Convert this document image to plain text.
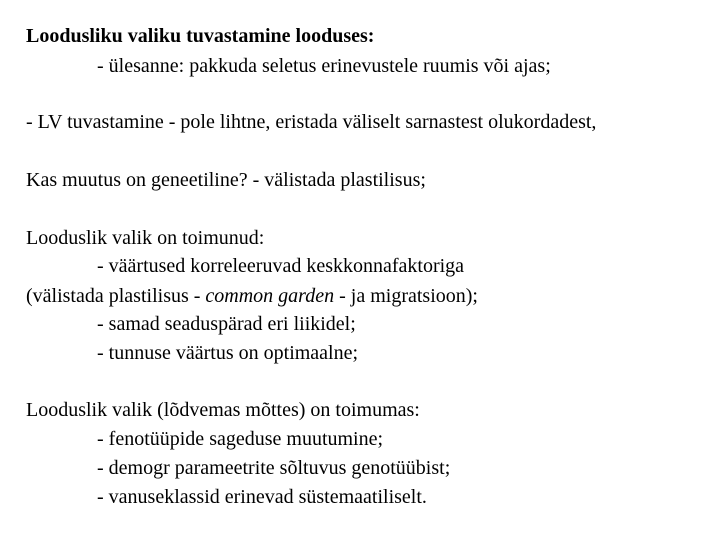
Loodusliku valiku tuvastamine looduses:
- ülesanne: pakkuda seletus erinevustele ruumis või ajas;
- LV tuvastamine - pole lihtne, eristada väliselt sarnastest olukordadest,
Kas muutus on geneetiline? - välistada plastilisus;
Looduslik valik on toimunud:
- väärtused korreleeruvad keskkonnafaktoriga
(välistada plastilisus - common garden - ja migratsioon);
- samad seaduspärad eri liikidel;
- tunnuse väärtus on optimaalne;
Looduslik valik (lõdvemas mõttes) on toimumas:
- fenotüüpide sageduse muutumine;
- demogr parameetrite sõltuvus genotüübist;
- vanuseklassid erinevad süstemaatiliselt.
